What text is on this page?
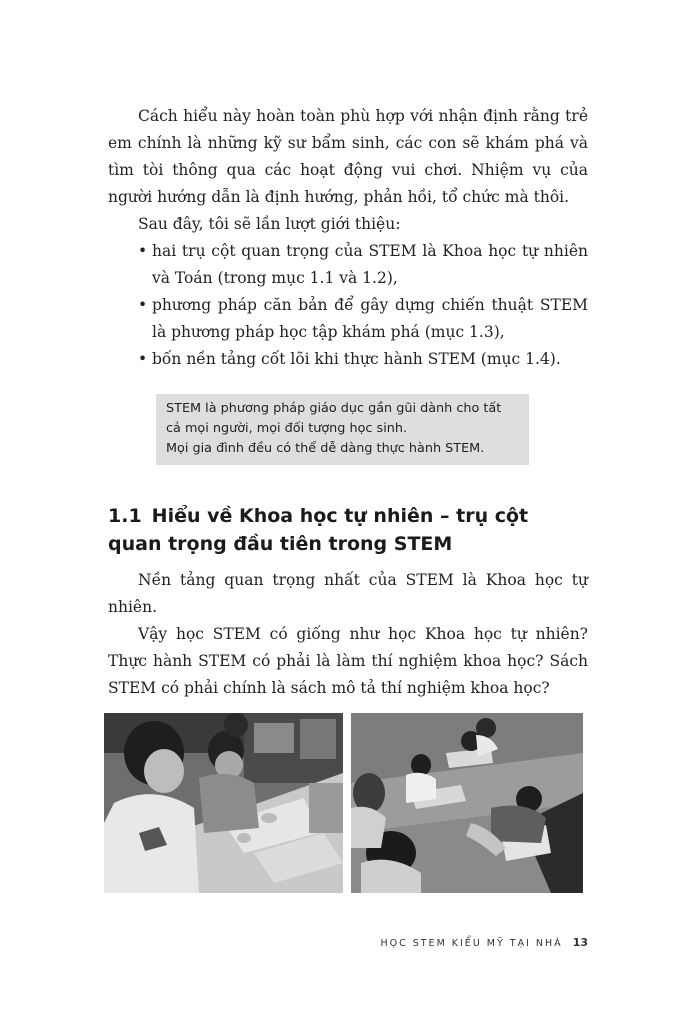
Cách hiểu này hoàn toàn phù hợp với nhận định rằng trẻ em chính là những kỹ sư bẩm sinh, các con sẽ khám phá và tìm tòi thông qua các hoạt động vui chơi. Nhiệm vụ của người hướng dẫn là định hướng, phản hồi, tổ chức mà thôi.

Sau đây, tôi sẽ lần lượt giới thiệu:

• hai trụ cột quan trọng của STEM là Khoa học tự nhiên và Toán (trong mục 1.1 và 1.2),
• phương pháp căn bản để gây dựng chiến thuật STEM là phương pháp học tập khám phá (mục 1.3),
• bốn nền tảng cốt lõi khi thực hành STEM (mục 1.4).

STEM là phương pháp giáo dục gần gũi dành cho tất cả mọi người, mọi đối tượng học sinh.

Mọi gia đình đều có thể dễ dàng thực hành STEM.

1.1 Hiểu về Khoa học tự nhiên – trụ cột quan trọng đầu tiên trong STEM

Nền tảng quan trọng nhất của STEM là Khoa học tự nhiên.

Vậy học STEM có giống như học Khoa học tự nhiên? Thực hành STEM có phải là làm thí nghiệm khoa học? Sách STEM có phải chính là sách mô tả thí nghiệm khoa học?

HỌC STEM KIỂU MỸ TẠI NHÀ 13
